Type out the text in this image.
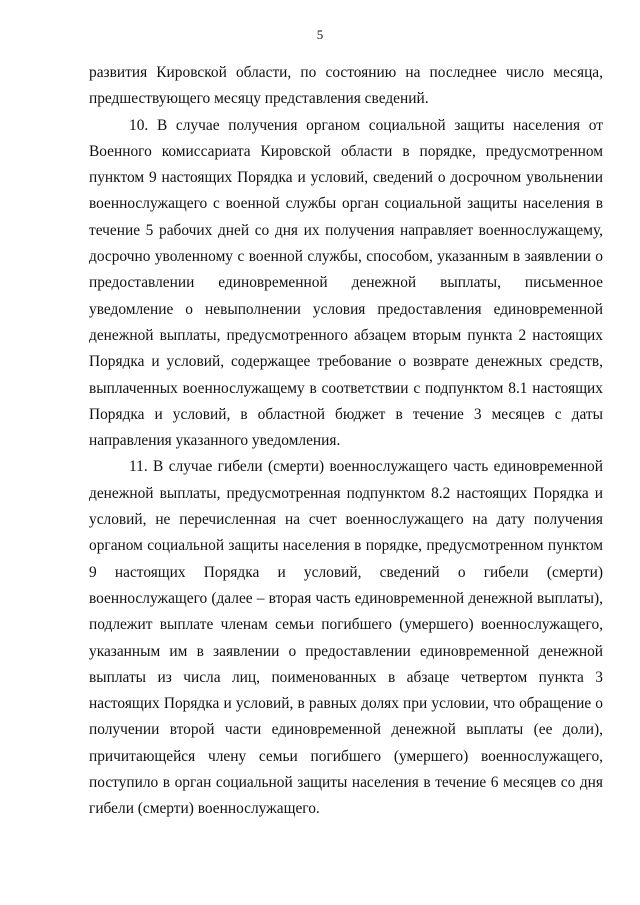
5

развития Кировской области, по состоянию на последнее число месяца, предшествующего месяцу представления сведений.

10. В случае получения органом социальной защиты населения от Военного комиссариата Кировской области в порядке, предусмотренном пунктом 9 настоящих Порядка и условий, сведений о досрочном увольнении военнослужащего с военной службы орган социальной защиты населения в течение 5 рабочих дней со дня их получения направляет военнослужащему, досрочно уволенному с военной службы, способом, указанным в заявлении о предоставлении единовременной денежной выплаты, письменное уведомление о невыполнении условия предоставления единовременной денежной выплаты, предусмотренного абзацем вторым пункта 2 настоящих Порядка и условий, содержащее требование о возврате денежных средств, выплаченных военнослужащему в соответствии с подпунктом 8.1 настоящих Порядка и условий, в областной бюджет в течение 3 месяцев с даты направления указанного уведомления.

11. В случае гибели (смерти) военнослужащего часть единовременной денежной выплаты, предусмотренная подпунктом 8.2 настоящих Порядка и условий, не перечисленная на счет военнослужащего на дату получения органом социальной защиты населения в порядке, предусмотренном пунктом 9 настоящих Порядка и условий, сведений о гибели (смерти) военнослужащего (далее – вторая часть единовременной денежной выплаты), подлежит выплате членам семьи погибшего (умершего) военнослужащего, указанным им в заявлении о предоставлении единовременной денежной выплаты из числа лиц, поименованных в абзаце четвертом пункта 3 настоящих Порядка и условий, в равных долях при условии, что обращение о получении второй части единовременной денежной выплаты (ее доли), причитающейся члену семьи погибшего (умершего) военнослужащего, поступило в орган социальной защиты населения в течение 6 месяцев со дня гибели (смерти) военнослужащего.
